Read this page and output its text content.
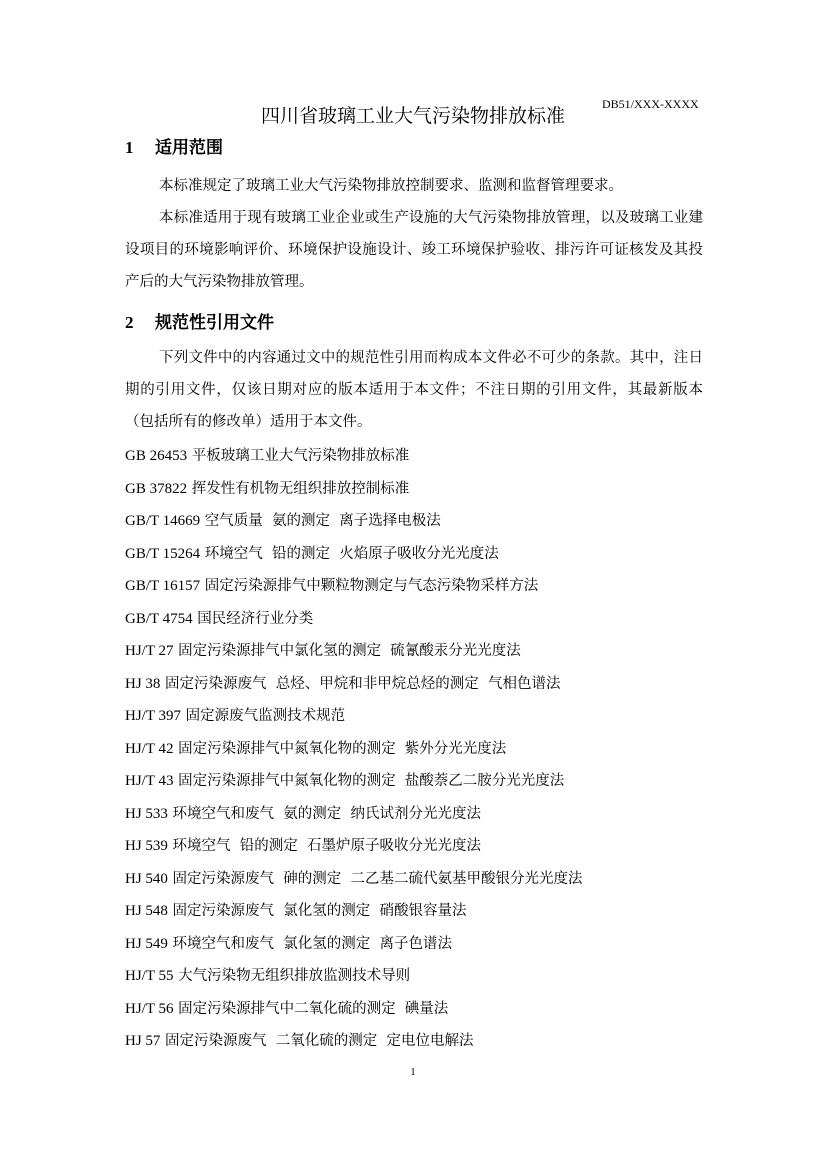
DB51/XXX-XXXX
四川省玻璃工业大气污染物排放标准
1 适用范围

本标准规定了玻璃工业大气污染物排放控制要求、监测和监督管理要求。

本标准适用于现有玻璃工业企业或生产设施的大气污染物排放管理，以及玻璃工业建设项目的环境影响评价、环境保护设施设计、竣工环境保护验收、排污许可证核发及其投产后的大气污染物排放管理。

2 规范性引用文件

下列文件中的内容通过文中的规范性引用而构成本文件必不可少的条款。其中，注日期的引用文件，仅该日期对应的版本适用于本文件；不注日期的引用文件，其最新版本（包括所有的修改单）适用于本文件。

GB 26453 平板玻璃工业大气污染物排放标准
GB 37822 挥发性有机物无组织排放控制标准
GB/T 14669 空气质量  氨的测定  离子选择电极法
GB/T 15264 环境空气  铅的测定  火焰原子吸收分光光度法
GB/T 16157 固定污染源排气中颗粒物测定与气态污染物采样方法
GB/T 4754 国民经济行业分类
HJ/T 27 固定污染源排气中氯化氢的测定  硫氰酸汞分光光度法
HJ 38 固定污染源废气  总烃、甲烷和非甲烷总烃的测定  气相色谱法
HJ/T 397 固定源废气监测技术规范
HJ/T 42 固定污染源排气中氮氧化物的测定  紫外分光光度法
HJ/T 43 固定污染源排气中氮氧化物的测定  盐酸萘乙二胺分光光度法
HJ 533 环境空气和废气  氨的测定  纳氏试剂分光光度法
HJ 539 环境空气  铅的测定  石墨炉原子吸收分光光度法
HJ 540 固定污染源废气  砷的测定  二乙基二硫代氨基甲酸银分光光度法
HJ 548 固定污染源废气  氯化氢的测定  硝酸银容量法
HJ 549 环境空气和废气  氯化氢的测定  离子色谱法
HJ/T 55 大气污染物无组织排放监测技术导则
HJ/T 56 固定污染源排气中二氧化硫的测定  碘量法
HJ 57 固定污染源废气  二氧化硫的测定  定电位电解法
1
